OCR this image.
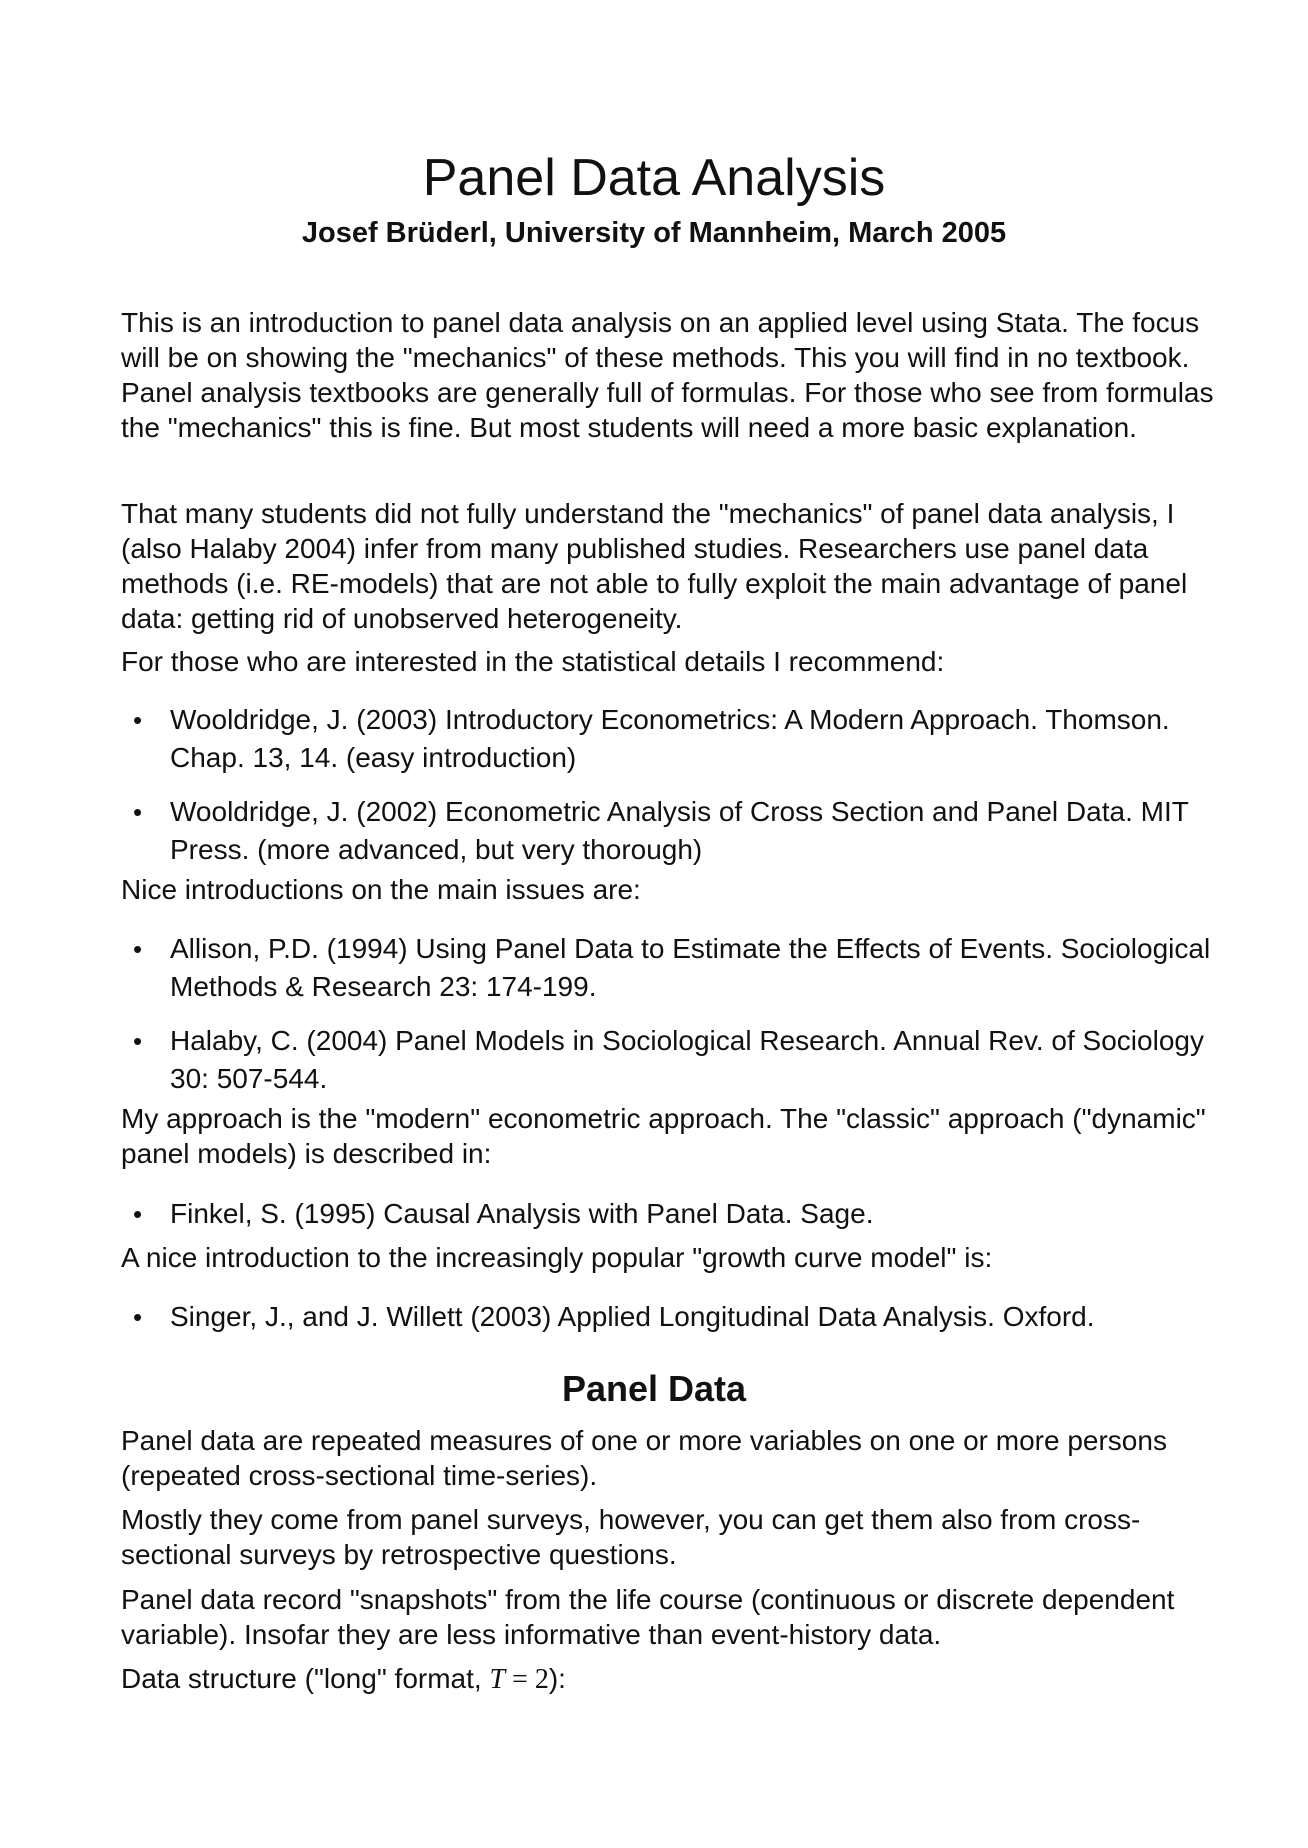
Panel Data Analysis
Josef Brüderl, University of Mannheim, March 2005

This is an introduction to panel data analysis on an applied level using Stata. The focus will be on showing the "mechanics" of these methods. This you will find in no textbook. Panel analysis textbooks are generally full of formulas. For those who see from formulas the "mechanics" this is fine. But most students will need a more basic explanation.

That many students did not fully understand the "mechanics" of panel data analysis, I (also Halaby 2004) infer from many published studies. Researchers use panel data methods (i.e. RE-models) that are not able to fully exploit the main advantage of panel data: getting rid of unobserved heterogeneity.

For those who are interested in the statistical details I recommend:

• Wooldridge, J. (2003) Introductory Econometrics: A Modern Approach. Thomson. Chap. 13, 14. (easy introduction)
• Wooldridge, J. (2002) Econometric Analysis of Cross Section and Panel Data. MIT Press. (more advanced, but very thorough)

Nice introductions on the main issues are:

• Allison, P.D. (1994) Using Panel Data to Estimate the Effects of Events. Sociological Methods & Research 23: 174-199.
• Halaby, C. (2004) Panel Models in Sociological Research. Annual Rev. of Sociology 30: 507-544.

My approach is the "modern" econometric approach. The "classic" approach ("dynamic" panel models) is described in:

• Finkel, S. (1995) Causal Analysis with Panel Data. Sage.

A nice introduction to the increasingly popular "growth curve model" is:

• Singer, J., and J. Willett (2003) Applied Longitudinal Data Analysis. Oxford.
Panel Data

Panel data are repeated measures of one or more variables on one or more persons (repeated cross-sectional time-series).

Mostly they come from panel surveys, however, you can get them also from cross-sectional surveys by retrospective questions.

Panel data record "snapshots" from the life course (continuous or discrete dependent variable). Insofar they are less informative than event-history data.

Data structure ("long" format, T = 2):
